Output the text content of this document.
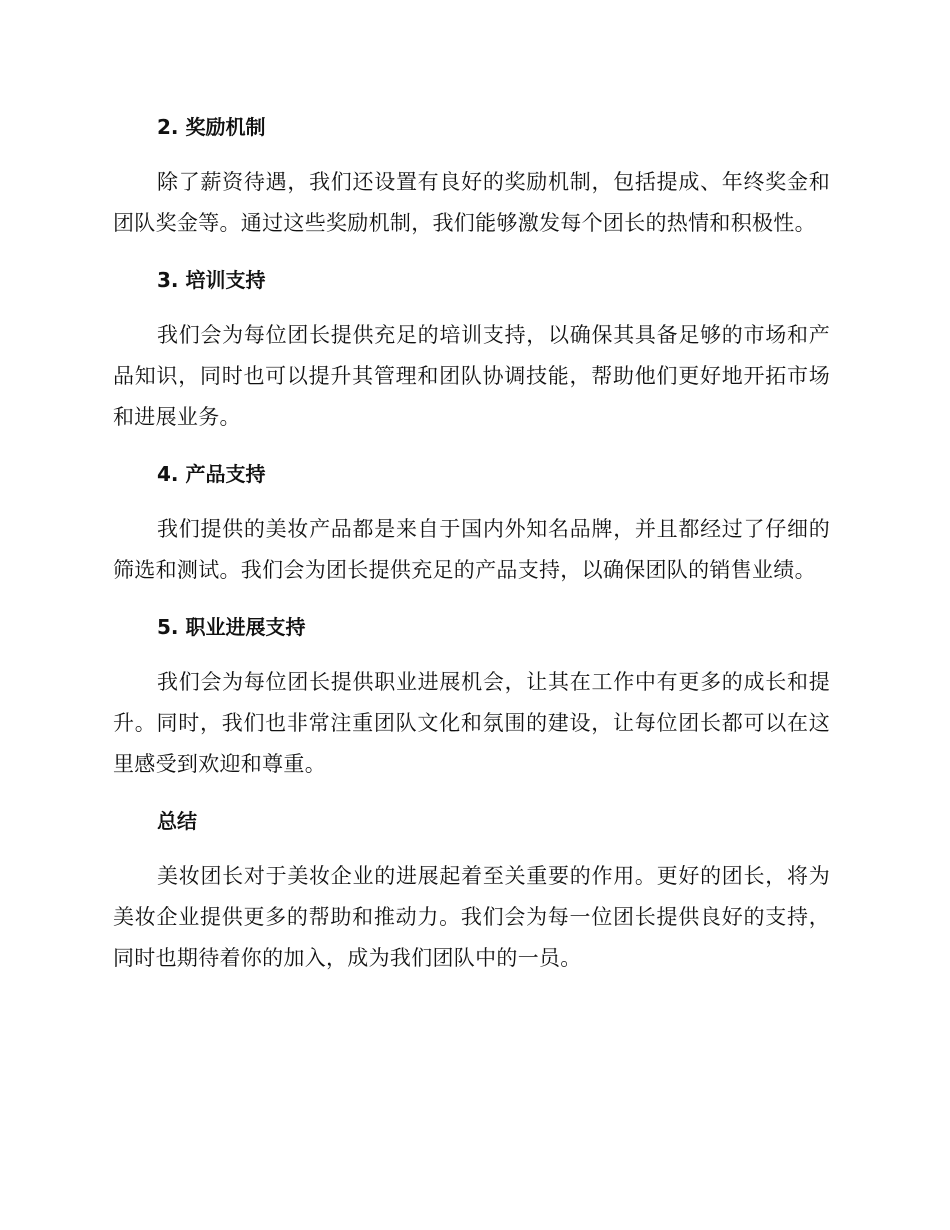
2. 奖励机制

除了薪资待遇，我们还设置有良好的奖励机制，包括提成、年终奖金和团队奖金等。通过这些奖励机制，我们能够激发每个团长的热情和积极性。

3. 培训支持

我们会为每位团长提供充足的培训支持，以确保其具备足够的市场和产品知识，同时也可以提升其管理和团队协调技能，帮助他们更好地开拓市场和进展业务。

4. 产品支持

我们提供的美妆产品都是来自于国内外知名品牌，并且都经过了仔细的筛选和测试。我们会为团长提供充足的产品支持，以确保团队的销售业绩。

5. 职业进展支持

我们会为每位团长提供职业进展机会，让其在工作中有更多的成长和提升。同时，我们也非常注重团队文化和氛围的建设，让每位团长都可以在这里感受到欢迎和尊重。

总结

美妆团长对于美妆企业的进展起着至关重要的作用。更好的团长，将为美妆企业提供更多的帮助和推动力。我们会为每一位团长提供良好的支持，同时也期待着你的加入，成为我们团队中的一员。
